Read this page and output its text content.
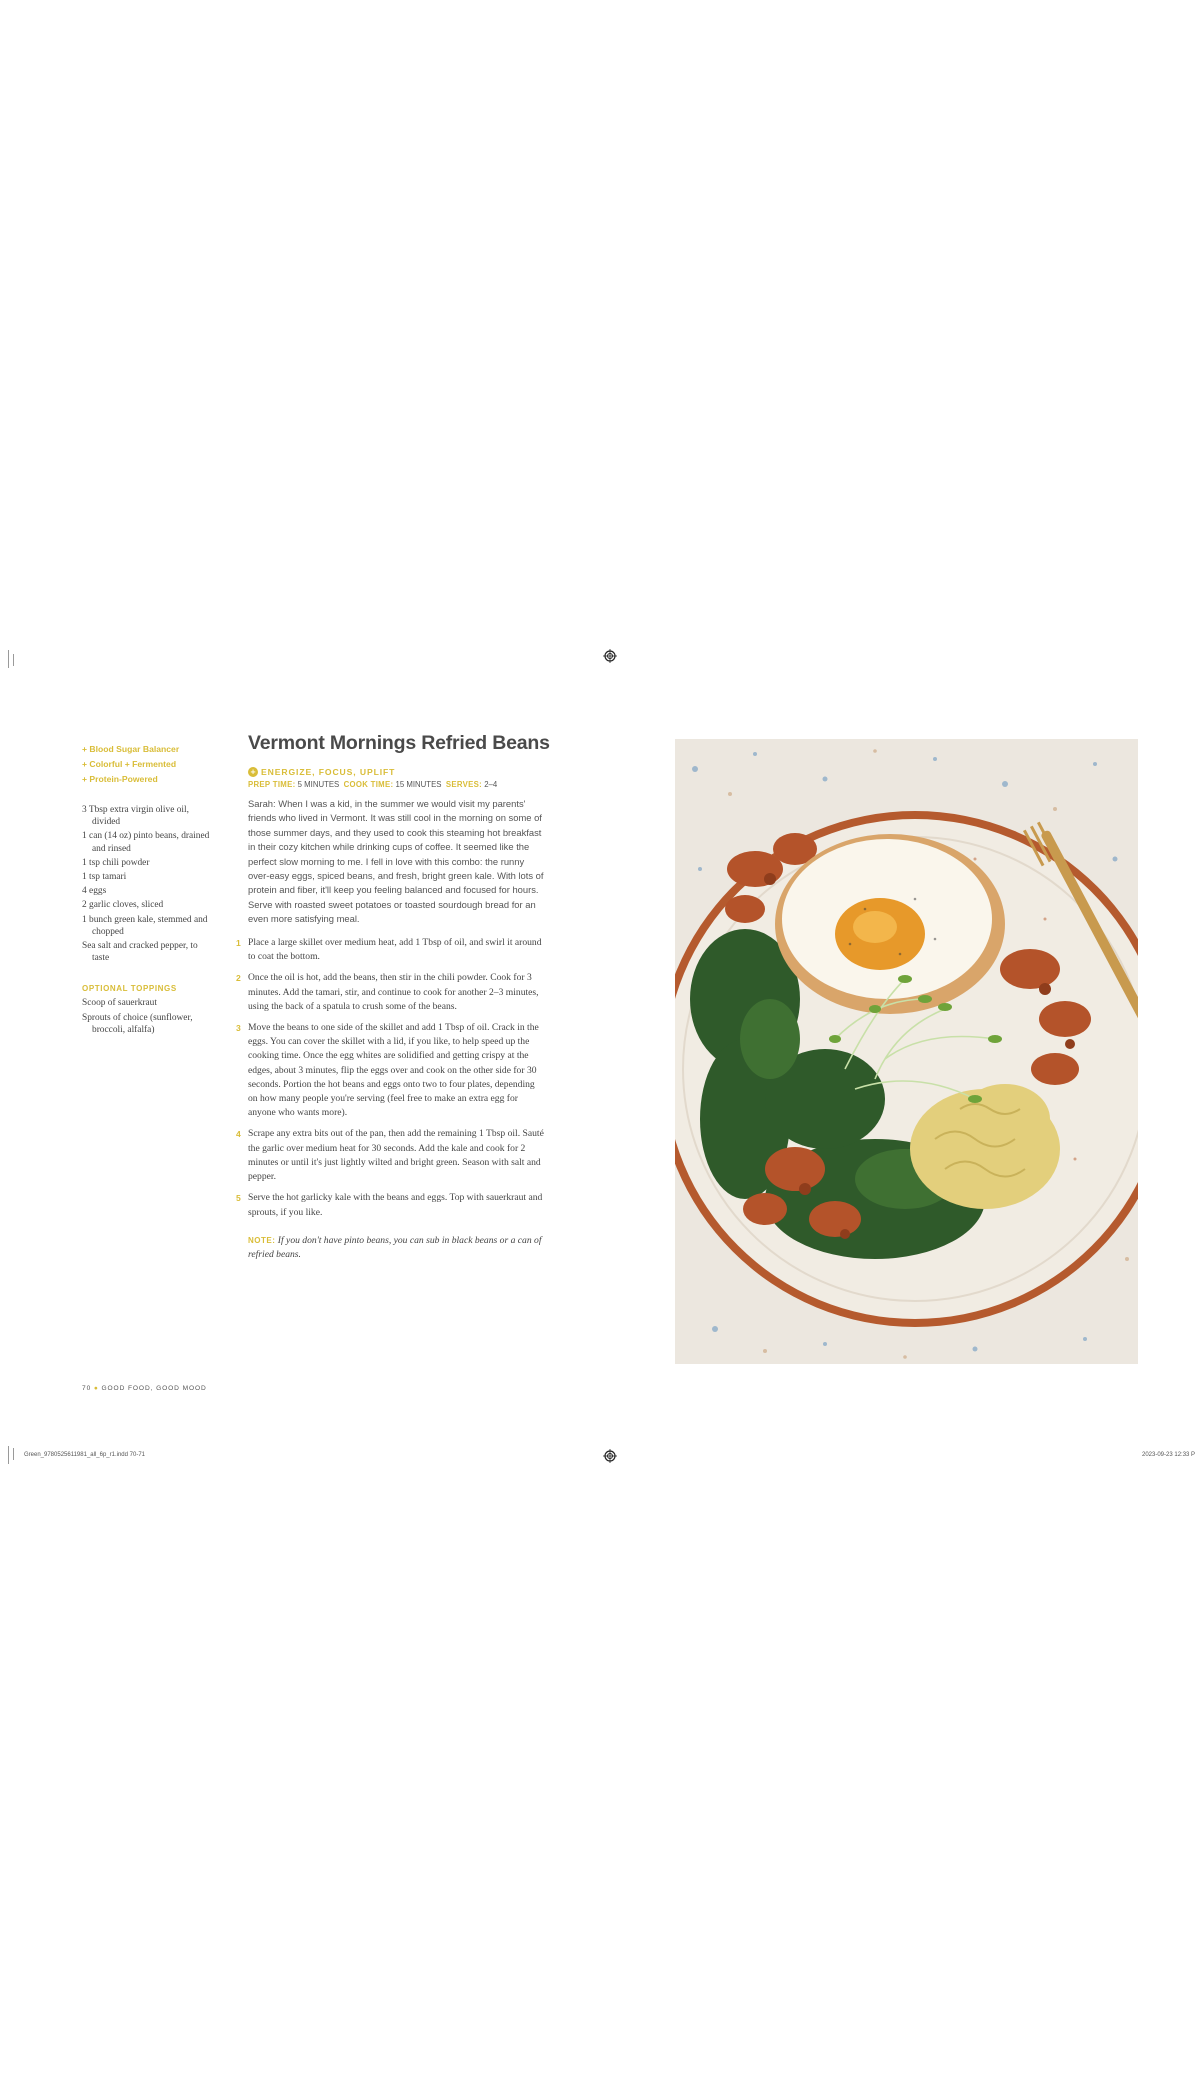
Green_9780525611981_all_6p_r1.indd 70-71	2023-09-23 12:33 P
+ Blood Sugar Balancer
+ Colorful + Fermented
+ Protein-Powered
3 Tbsp extra virgin olive oil, divided
1 can (14 oz) pinto beans, drained and rinsed
1 tsp chili powder
1 tsp tamari
4 eggs
2 garlic cloves, sliced
1 bunch green kale, stemmed and chopped
Sea salt and cracked pepper, to taste
OPTIONAL TOPPINGS
Scoop of sauerkraut
Sprouts of choice (sunflower, broccoli, alfalfa)
Vermont Mornings Refried Beans
+ ENERGIZE, FOCUS, UPLIFT
PREP TIME: 5 MINUTES COOK TIME: 15 MINUTES SERVES: 2–4

Sarah: When I was a kid, in the summer we would visit my parents' friends who lived in Vermont. It was still cool in the morning on some of those summer days, and they used to cook this steaming hot breakfast in their cozy kitchen while drinking cups of coffee. It seemed like the perfect slow morning to me. I fell in love with this combo: the runny over-easy eggs, spiced beans, and fresh, bright green kale. With lots of protein and fiber, it'll keep you feeling balanced and focused for hours. Serve with roasted sweet potatoes or toasted sourdough bread for an even more satisfying meal.

1 Place a large skillet over medium heat, add 1 Tbsp of oil, and swirl it around to coat the bottom.
2 Once the oil is hot, add the beans, then stir in the chili powder. Cook for 3 minutes. Add the tamari, stir, and continue to cook for another 2–3 minutes, using the back of a spatula to crush some of the beans.
3 Move the beans to one side of the skillet and add 1 Tbsp of oil. Crack in the eggs. You can cover the skillet with a lid, if you like, to help speed up the cooking time. Once the egg whites are solidified and getting crispy at the edges, about 3 minutes, flip the eggs over and cook on the other side for 30 seconds. Portion the hot beans and eggs onto two to four plates, depending on how many people you're serving (feel free to make an extra egg for anyone who wants more).
4 Scrape any extra bits out of the pan, then add the remaining 1 Tbsp oil. Sauté the garlic over medium heat for 30 seconds. Add the kale and cook for 2 minutes or until it's just lightly wilted and bright green. Season with salt and pepper.
5 Serve the hot garlicky kale with the beans and eggs. Top with sauerkraut and sprouts, if you like.
NOTE: If you don't have pinto beans, you can sub in black beans or a can of refried beans.
70 ● GOOD FOOD, GOOD MOOD
